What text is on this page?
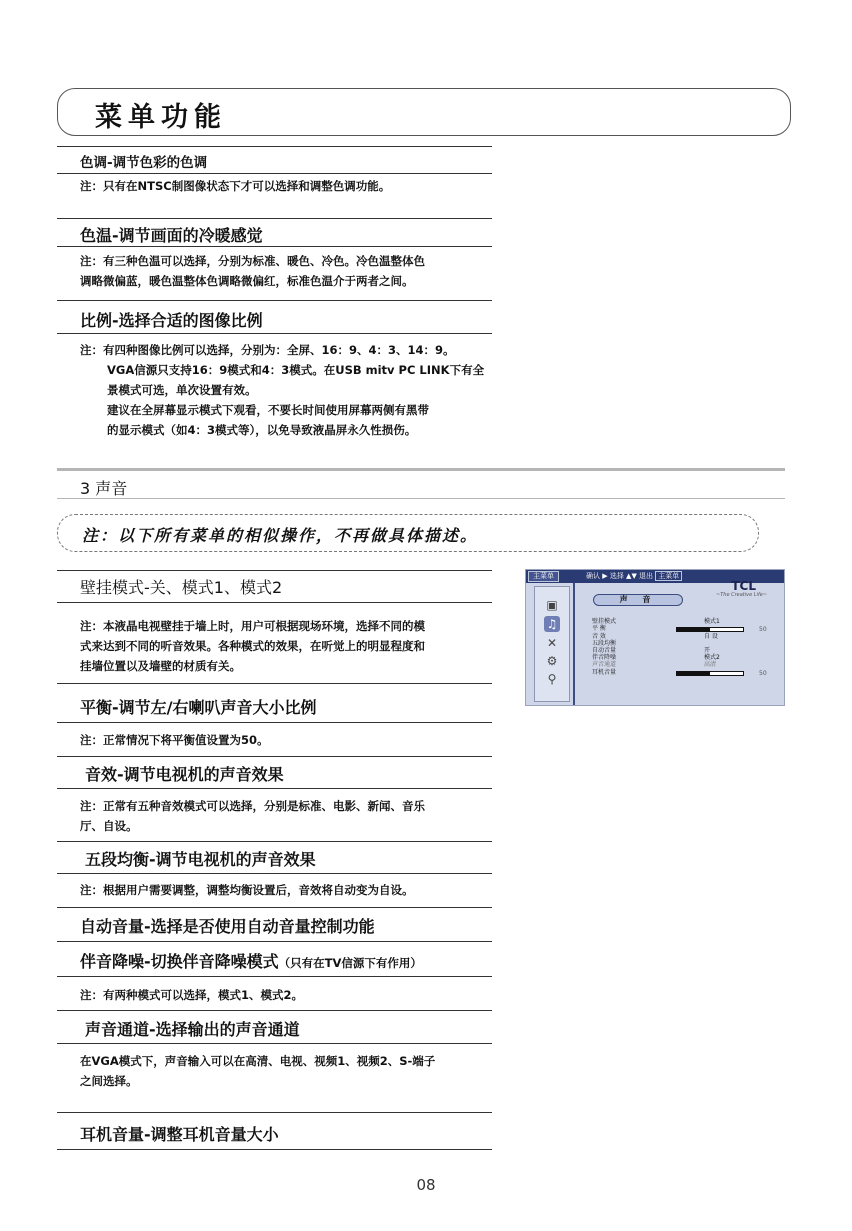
菜单功能
色调-调节色彩的色调
注：只有在NTSC制图像状态下才可以选择和调整色调功能。
色温-调节画面的冷暖感觉
注：有三种色温可以选择，分别为标准、暖色、冷色。冷色温整体色
调略微偏蓝，暖色温整体色调略微偏红，标准色温介于两者之间。
比例-选择合适的图像比例
注：有四种图像比例可以选择，分别为：全屏、16：9、4：3、14：9。
VGA信源只支持16：9模式和4：3模式。在USB mitv PC LINK下有全
景模式可选，单次设置有效。
建议在全屏幕显示模式下观看，不要长时间使用屏幕两侧有黑带
的显示模式（如4：3模式等），以免导致液晶屏永久性损伤。
3 声音
注：以下所有菜单的相似操作，不再做具体描述。
壁挂模式-关、模式1、模式2
注：本液晶电视壁挂于墙上时，用户可根据现场环境，选择不同的模
式来达到不同的听音效果。各种模式的效果，在听觉上的明显程度和
挂墙位置以及墙壁的材质有关。
平衡-调节左/右喇叭声音大小比例
注：正常情况下将平衡值设置为50。
音效-调节电视机的声音效果
注：正常有五种音效模式可以选择，分别是标准、电影、新闻、音乐
厅、自设。
五段均衡-调节电视机的声音效果
注：根据用户需要调整，调整均衡设置后，音效将自动变为自设。
自动音量-选择是否使用自动音量控制功能
伴音降噪-切换伴音降噪模式（只有在TV信源下有作用）
注：有两种模式可以选择，模式1、模式2。
声音通道-选择输出的声音通道
在VGA模式下，声音输入可以在高清、电视、视频1、视频2、S-端子
之间选择。
耳机音量-调整耳机音量大小
主菜单	确认 ▶ 选择 ▲▼ 退出 主菜单
▣
♫
✕
⚙
⚲
TCL
~The Creative Life~
声 音
壁挂模式	模式1
平 衡	50
音 效	自 设
五段均衡
自动音量	开
伴音降噪	模式2
声音通道	高清
耳机音量	50
08
